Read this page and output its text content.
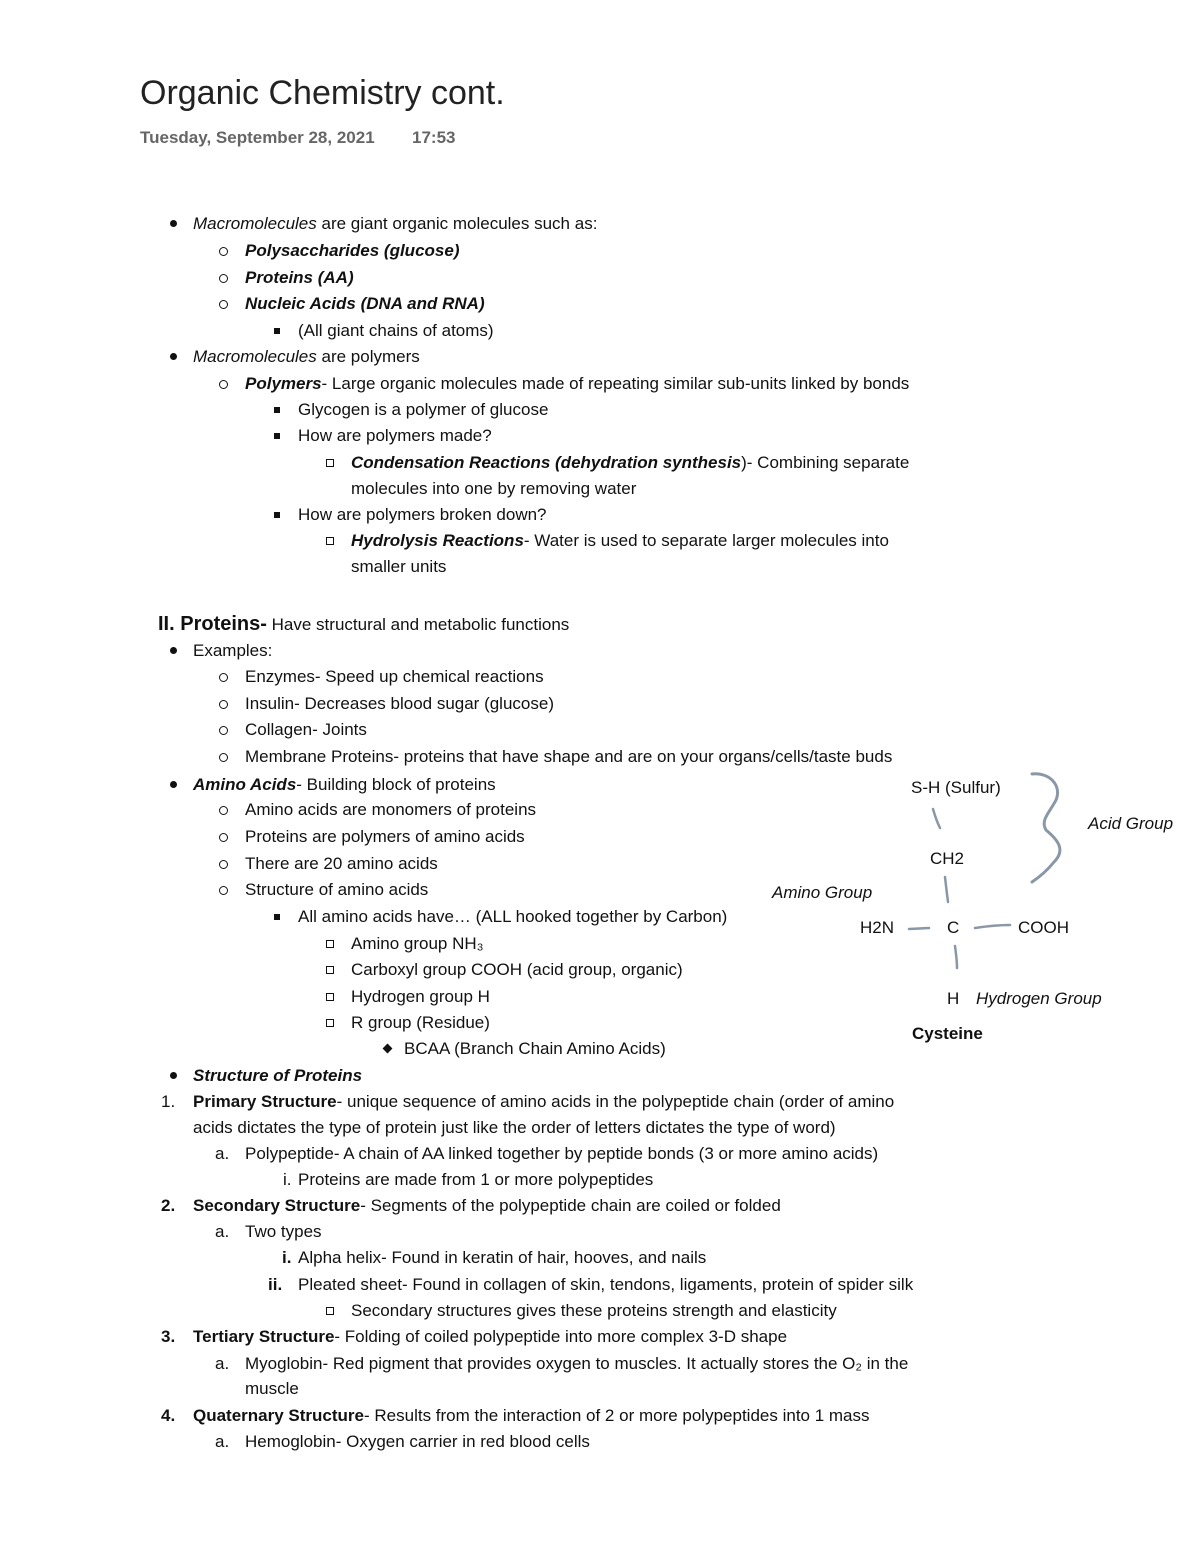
Organic Chemistry cont.
Tuesday, September 28, 2021 17:53
Macromolecules are giant organic molecules such as:
Polysaccharides (glucose)
Proteins (AA)
Nucleic Acids (DNA and RNA)
(All giant chains of atoms)
Macromolecules are polymers
Polymers- Large organic molecules made of repeating similar sub-units linked by bonds
Glycogen is a polymer of glucose
How are polymers made?
Condensation Reactions (dehydration synthesis)- Combining separate
molecules into one by removing water
How are polymers broken down?
Hydrolysis Reactions- Water is used to separate larger molecules into
smaller units
II. Proteins- Have structural and metabolic functions
Examples:
Enzymes- Speed up chemical reactions
Insulin- Decreases blood sugar (glucose)
Collagen- Joints
Membrane Proteins- proteins that have shape and are on your organs/cells/taste buds
Amino Acids- Building block of proteins
Amino acids are monomers of proteins
Proteins are polymers of amino acids
There are 20 amino acids
Structure of amino acids
All amino acids have… (ALL hooked together by Carbon)
Amino group NH₃
Carboxyl group COOH (acid group, organic)
Hydrogen group H
R group (Residue)
BCAA (Branch Chain Amino Acids)
Structure of Proteins
1. Primary Structure- unique sequence of amino acids in the polypeptide chain (order of amino
acids dictates the type of protein just like the order of letters dictates the type of word)
a. Polypeptide- A chain of AA linked together by peptide bonds (3 or more amino acids)
i. Proteins are made from 1 or more polypeptides
2. Secondary Structure- Segments of the polypeptide chain are coiled or folded
a. Two types
i. Alpha helix- Found in keratin of hair, hooves, and nails
ii. Pleated sheet- Found in collagen of skin, tendons, ligaments, protein of spider silk
Secondary structures gives these proteins strength and elasticity
3. Tertiary Structure- Folding of coiled polypeptide into more complex 3-D shape
a. Myoglobin- Red pigment that provides oxygen to muscles. It actually stores the O₂ in the
muscle
4. Quaternary Structure- Results from the interaction of 2 or more polypeptides into 1 mass
a. Hemoglobin- Oxygen carrier in red blood cells
S-H (Sulfur)
Acid Group
CH2
Amino Group
H2N	C	COOH
H Hydrogen Group
Cysteine
